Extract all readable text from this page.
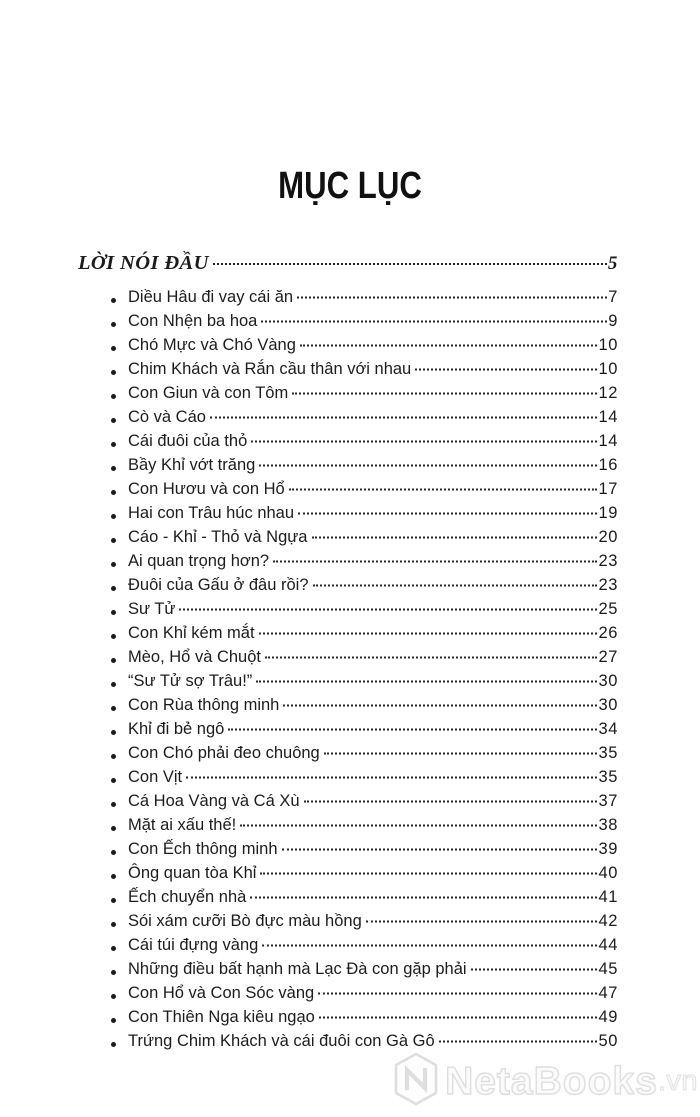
MỤC LỤC
LỜI NÓI ĐẦU	5
Diều Hâu đi vay cái ăn	7
Con Nhện ba hoa	9
Chó Mực và Chó Vàng	10
Chim Khách và Rắn cầu thân với nhau	10
Con Giun và con Tôm	12
Cò và Cáo	14
Cái đuôi của thỏ	14
Bầy Khỉ vớt trăng	16
Con Hươu và con Hổ	17
Hai con Trâu húc nhau	19
Cáo - Khỉ - Thỏ và Ngựa	20
Ai quan trọng hơn?	23
Đuôi của Gấu ở đâu rồi?	23
Sư Tử	25
Con Khỉ kém mắt	26
Mèo, Hổ và Chuột	27
“Sư Tử sợ Trâu!”	30
Con Rùa thông minh	30
Khỉ đi bẻ ngô	34
Con Chó phải đeo chuông	35
Con Vịt	35
Cá Hoa Vàng và Cá Xù	37
Mặt ai xấu thế!	38
Con Ếch thông minh	39
Ông quan tòa Khỉ	40
Ếch chuyển nhà	41
Sói xám cưỡi Bò đực màu hồng	42
Cái túi đựng vàng	44
Những điều bất hạnh mà Lạc Đà con gặp phải	45
Con Hổ và Con Sóc vàng	47
Con Thiên Nga kiêu ngạo	49
Trứng Chim Khách và cái đuôi con Gà Gô	50
NetaBooks .vn
